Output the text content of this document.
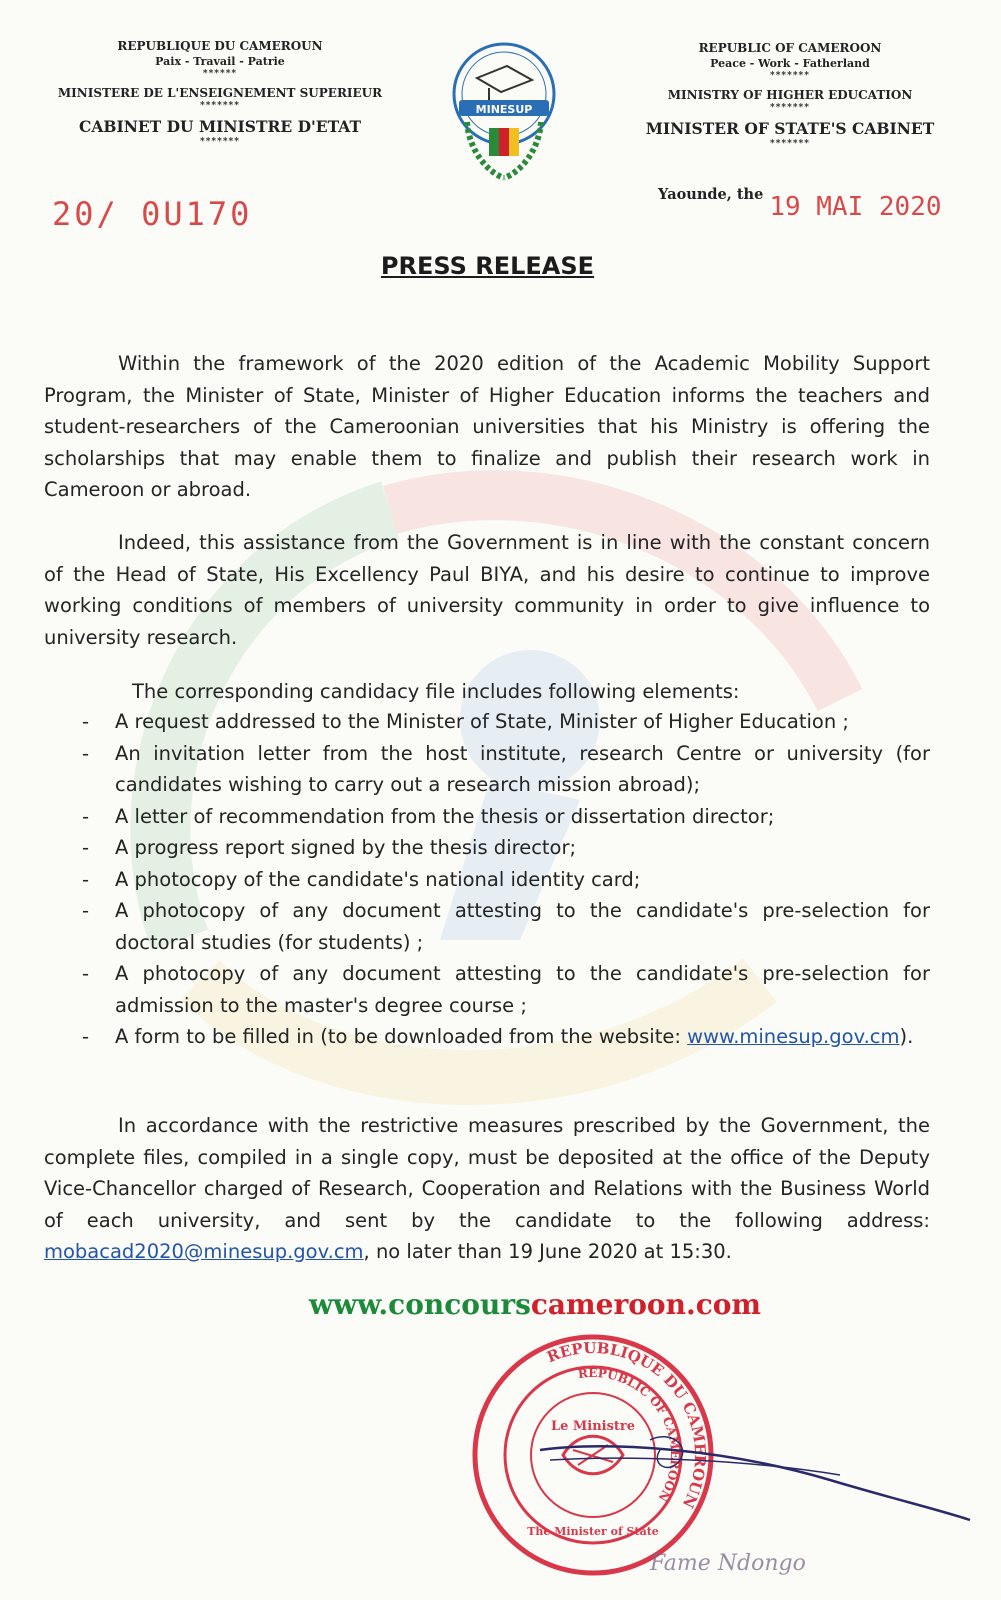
REPUBLIQUE DU CAMEROUN
Paix - Travail - Patrie
******
MINISTERE DE L'ENSEIGNEMENT SUPERIEUR
*******
CABINET DU MINISTRE D'ETAT
*******
MINESUP
REPUBLIC OF CAMEROON
Peace - Work - Fatherland
*******
MINISTRY OF HIGHER EDUCATION
*******
MINISTER OF STATE'S CABINET
*******
20/ 0U170
Yaounde, the 19 MAI 2020
PRESS RELEASE

Within the framework of the 2020 edition of the Academic Mobility Support Program, the Minister of State, Minister of Higher Education informs the teachers and student-researchers of the Cameroonian universities that his Ministry is offering the scholarships that may enable them to finalize and publish their research work in Cameroon or abroad.

Indeed, this assistance from the Government is in line with the constant concern of the Head of State, His Excellency Paul BIYA, and his desire to continue to improve working conditions of members of university community in order to give influence to university research.

The corresponding candidacy file includes following elements:
- A request addressed to the Minister of State, Minister of Higher Education ;
- An invitation letter from the host institute, research Centre or university (for candidates wishing to carry out a research mission abroad);
- A letter of recommendation from the thesis or dissertation director;
- A progress report signed by the thesis director;
- A photocopy of the candidate's national identity card;
- A photocopy of any document attesting to the candidate's pre-selection for doctoral studies (for students) ;
- A photocopy of any document attesting to the candidate's pre-selection for admission to the master's degree course ;
- A form to be filled in (to be downloaded from the website: www.minesup.gov.cm).

In accordance with the restrictive measures prescribed by the Government, the complete files, compiled in a single copy, must be deposited at the office of the Deputy Vice-Chancellor charged of Research, Cooperation and Relations with the Business World of each university, and sent by the candidate to the following address: mobacad2020@minesup.gov.cm, no later than 19 June 2020 at 15:30.

www.concourscameroon.com
REPUBLIQUE DU CAMEROUN
REPUBLIC OF CAMEROON
Le Ministre
The Minister of State
Fame Ndongo
